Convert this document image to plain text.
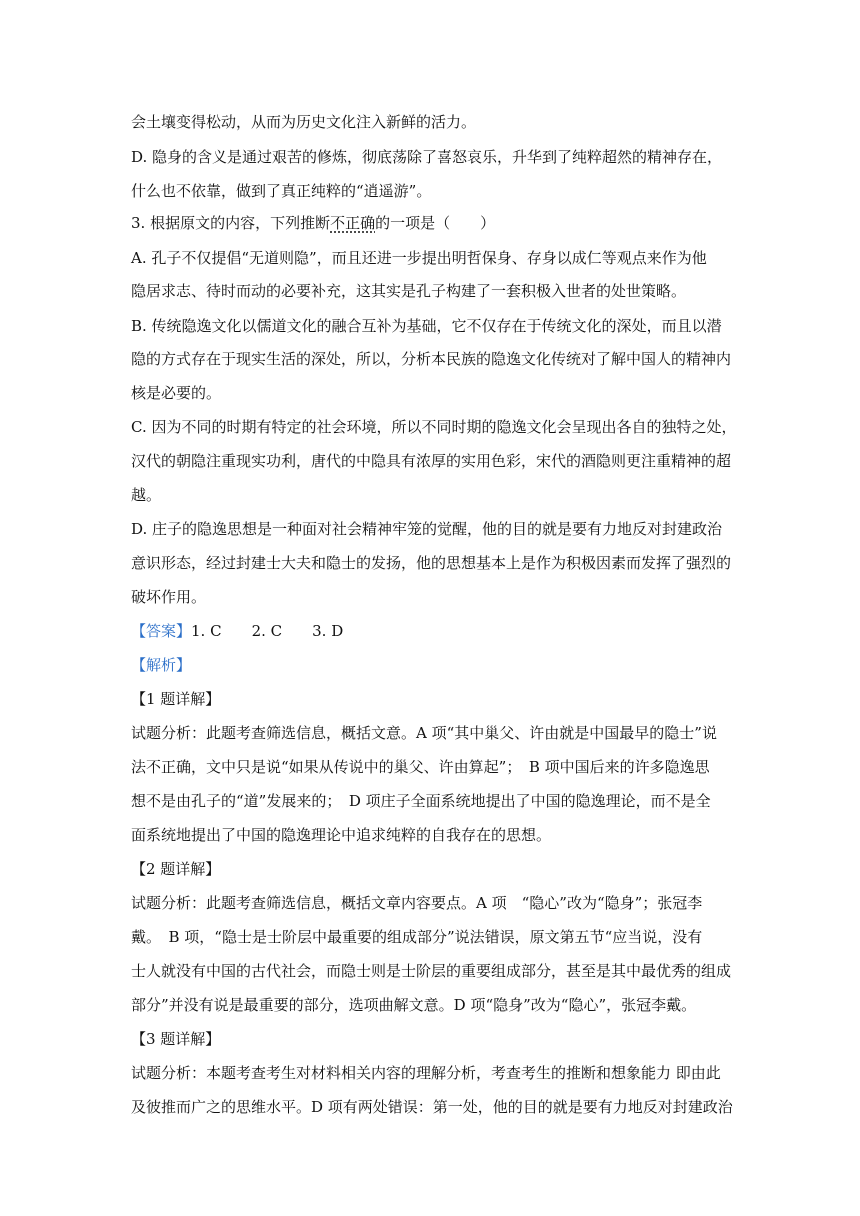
会土壤变得松动，从而为历史文化注入新鲜的活力。
D. 隐身的含义是通过艰苦的修炼，彻底荡除了喜怒哀乐，升华到了纯粹超然的精神存在，
什么也不依靠，做到了真正纯粹的“逍遥游”。
3. 根据原文的内容，下列推断不正确的一项是（　　）
A. 孔子不仅提倡“无道则隐”，而且还进一步提出明哲保身、存身以成仁等观点来作为他
隐居求志、待时而动的必要补充，这其实是孔子构建了一套积极入世者的处世策略。
B. 传统隐逸文化以儒道文化的融合互补为基础，它不仅存在于传统文化的深处，而且以潜
隐的方式存在于现实生活的深处，所以，分析本民族的隐逸文化传统对了解中国人的精神内
核是必要的。
C. 因为不同的时期有特定的社会环境，所以不同时期的隐逸文化会呈现出各自的独特之处，
汉代的朝隐注重现实功利，唐代的中隐具有浓厚的实用色彩，宋代的酒隐则更注重精神的超
越。
D. 庄子的隐逸思想是一种面对社会精神牢笼的觉醒，他的目的就是要有力地反对封建政治
意识形态，经过封建士大夫和隐士的发扬，他的思想基本上是作为积极因素而发挥了强烈的
破坏作用。
【答案】1. C　　2. C　　3. D
【解析】
【1 题详解】
试题分析：此题考查筛选信息，概括文意。A 项“其中巢父、许由就是中国最早的隐士”说
法不正确，文中只是说“如果从传说中的巢父、许由算起”；　B 项中国后来的许多隐逸思
想不是由孔子的“道”发展来的；　D 项庄子全面系统地提出了中国的隐逸理论，而不是全
面系统地提出了中国的隐逸理论中追求纯粹的自我存在的思想。
【2 题详解】
试题分析：此题考查筛选信息，概括文章内容要点。A 项　“隐心”改为“隐身”；张冠李
戴。　B 项，“隐士是士阶层中最重要的组成部分”说法错误，原文第五节“应当说，没有
士人就没有中国的古代社会，而隐士则是士阶层的重要组成部分，甚至是其中最优秀的组成
部分”并没有说是最重要的部分，选项曲解文意。D 项“隐身”改为“隐心”，张冠李戴。
【3 题详解】
试题分析：本题考查考生对材料相关内容的理解分析，考查考生的推断和想象能力 即由此
及彼推而广之的思维水平。D 项有两处错误：第一处，他的目的就是要有力地反对封建政治
